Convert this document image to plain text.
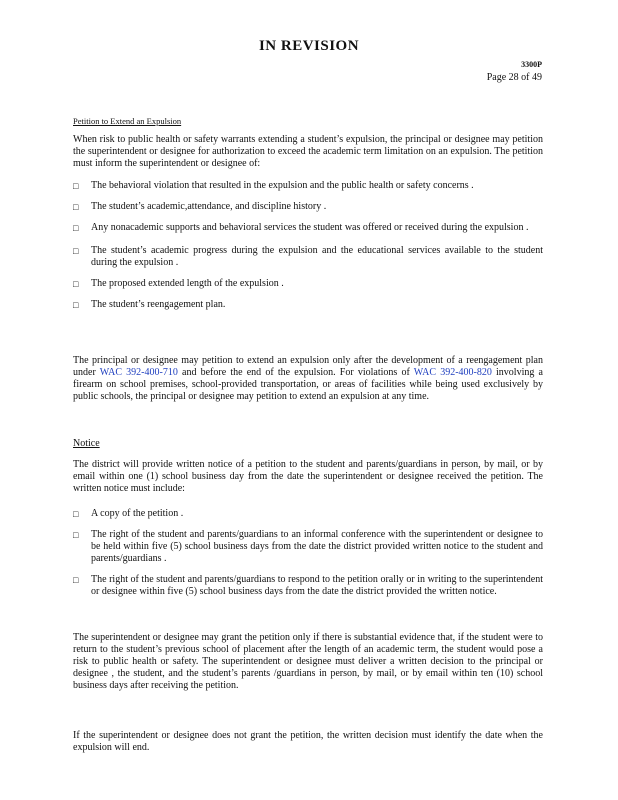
IN REVISION
3300P
Page 28 of 49
Petition to Extend an Expulsion
When risk to public health or safety warrants extending a student’s expulsion, the principal or designee may petition the superintendent or designee for authorization to exceed the academic term limitation on an expulsion. The petition must inform the superintendent or designee of:
□ The behavioral violation that resulted in the expulsion and the public health or safety concerns .
□ The student’s academic,attendance, and discipline history .
□ Any nonacademic supports and behavioral services the student was offered or received during the expulsion .
□ The student’s academic progress during the expulsion and the educational services available to the student during the expulsion .
□ The proposed extended length of the expulsion .
□ The student’s reengagement plan.
The principal or designee may petition to extend an expulsion only after the development of a reengagement plan under WAC 392-400-710 and before the end of the expulsion. For violations of WAC 392-400-820 involving a firearm on school premises, school-provided transportation, or areas of facilities while being used exclusively by public schools, the principal or designee may petition to extend an expulsion at any time.
Notice
The district will provide written notice of a petition to the student and parents/guardians in person, by mail, or by email within one (1) school business day from the date the superintendent or designee received the petition. The written notice must include:
□ A copy of the petition .
□ The right of the student and parents/guardians to an informal conference with the superintendent or designee to be held within five (5) school business days from the date the district provided written notice to the student and parents/guardians .
□ The right of the student and parents/guardians to respond to the petition orally or in writing to the superintendent or designee within five (5) school business days from the date the district provided the written notice.
The superintendent or designee may grant the petition only if there is substantial evidence that, if the student were to return to the student’s previous school of placement after the length of an academic term, the student would pose a risk to public health or safety. The superintendent or designee must deliver a written decision to the principal or designee , the student, and the student’s parents /guardians in person, by mail, or by email within ten (10) school business days after receiving the petition.
If the superintendent or designee does not grant the petition, the written decision must identify the date when the expulsion will end.
